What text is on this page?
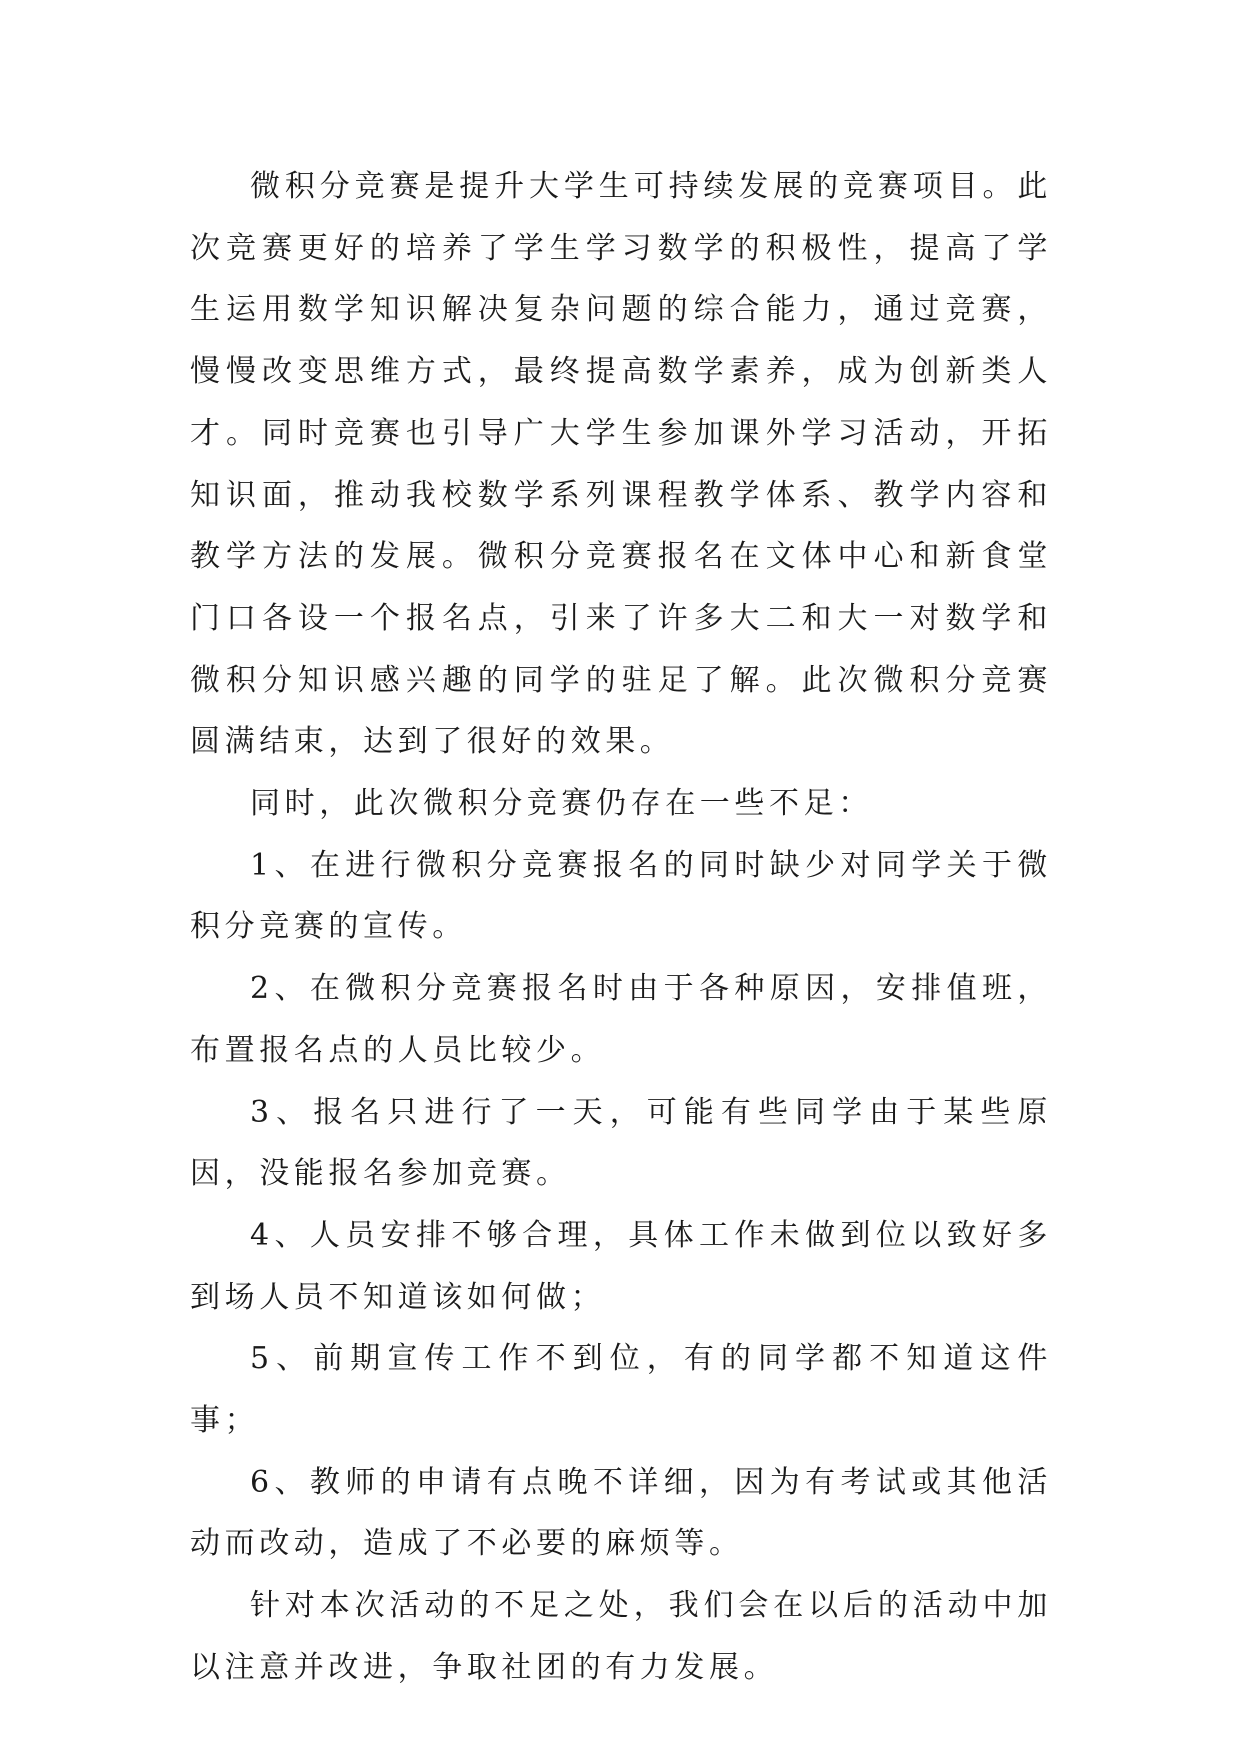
微积分竞赛是提升大学生可持续发展的竞赛项目。此次竞赛更好的培养了学生学习数学的积极性，提高了学生运用数学知识解决复杂问题的综合能力，通过竞赛，慢慢改变思维方式，最终提高数学素养，成为创新类人才。同时竞赛也引导广大学生参加课外学习活动，开拓知识面，推动我校数学系列课程教学体系、教学内容和教学方法的发展。微积分竞赛报名在文体中心和新食堂门口各设一个报名点，引来了许多大二和大一对数学和微积分知识感兴趣的同学的驻足了解。此次微积分竞赛圆满结束，达到了很好的效果。

同时，此次微积分竞赛仍存在一些不足：

1、在进行微积分竞赛报名的同时缺少对同学关于微积分竞赛的宣传。

2、在微积分竞赛报名时由于各种原因，安排值班，布置报名点的人员比较少。

3、报名只进行了一天，可能有些同学由于某些原因，没能报名参加竞赛。

4、人员安排不够合理，具体工作未做到位以致好多到场人员不知道该如何做；

5、前期宣传工作不到位，有的同学都不知道这件事；

6、教师的申请有点晚不详细，因为有考试或其他活动而改动，造成了不必要的麻烦等。

针对本次活动的不足之处，我们会在以后的活动中加以注意并改进，争取社团的有力发展。
